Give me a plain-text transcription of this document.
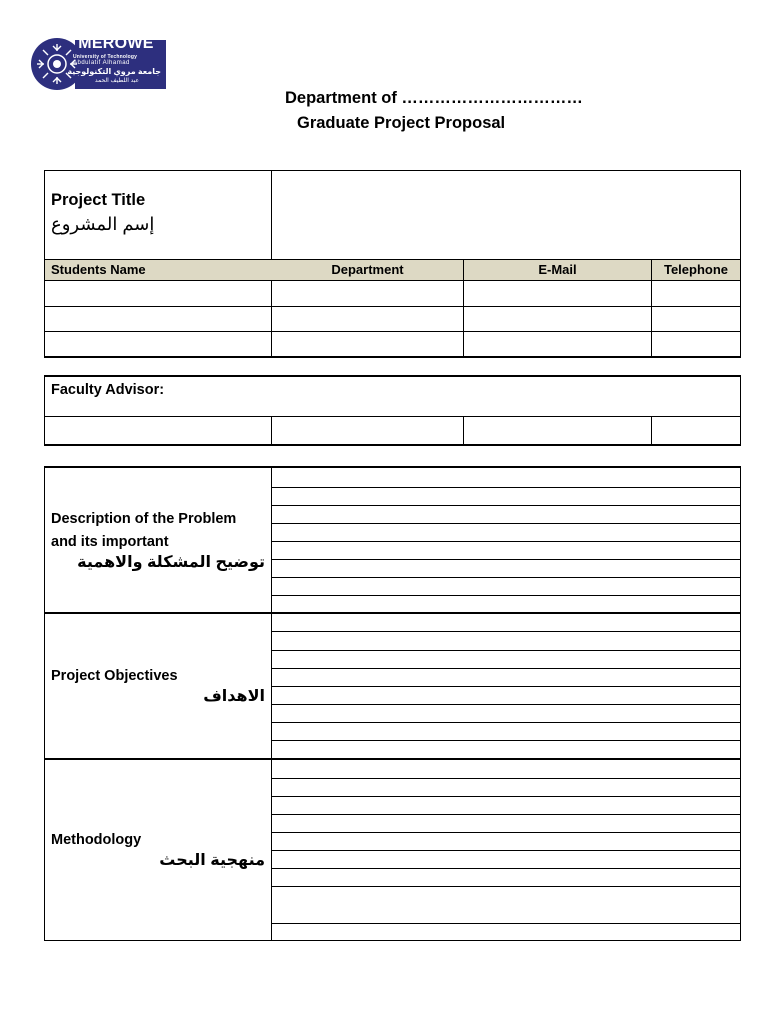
MEROWE
University of Technology
Abdulatif Alhamad
جامعة مروي التكنولوجية
عبد اللطيف الحمد
Department of ……………………………
Graduate Project Proposal
Project Title
إسم المشروع
Students Name	Department	E-Mail	Telephone
Faculty Advisor:
Description of the Problem and its important
توضيح المشكلة والاهمية
Project Objectives
الاهداف
Methodology
منهجية البحث
